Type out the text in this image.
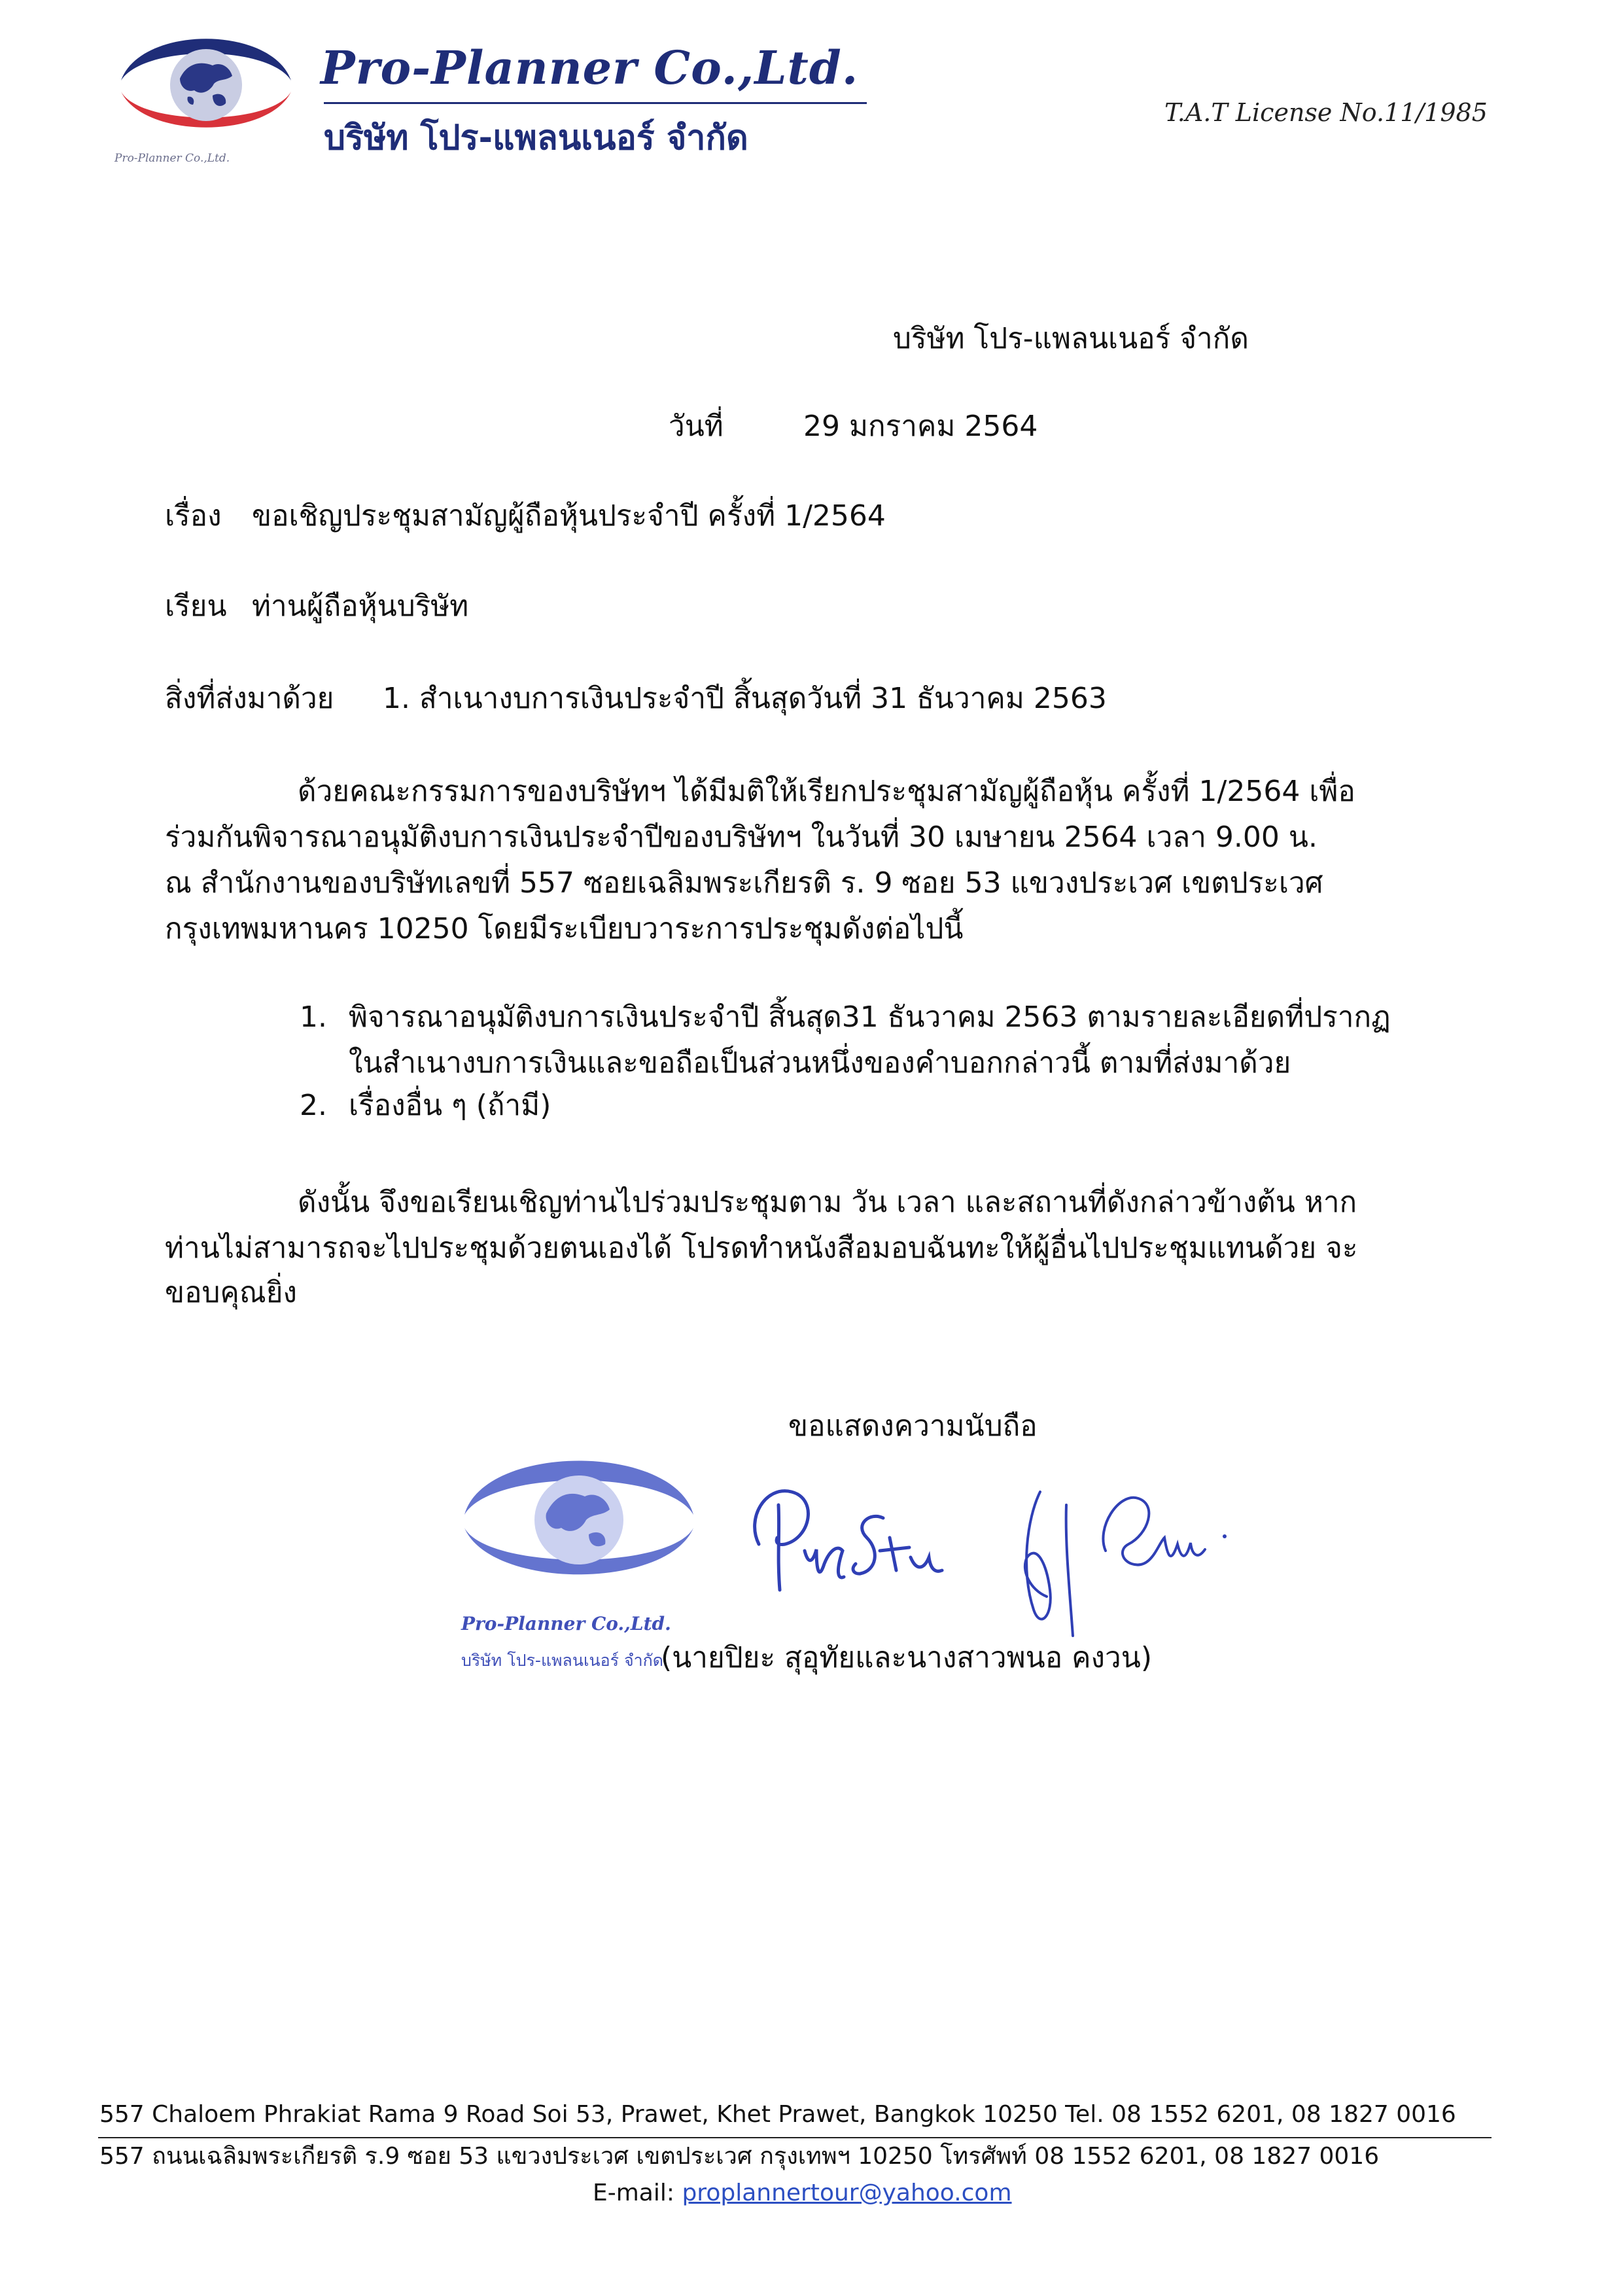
Pro-Planner Co.,Ltd.
Pro-Planner Co.,Ltd.
บริษัท โปร-แพลนเนอร์ จำกัด
T.A.T License No.11/1985
บริษัท โปร-แพลนเนอร์ จำกัด
วันที่	29 มกราคม 2564
เรื่อง ขอเชิญประชุมสามัญผู้ถือหุ้นประจำปี ครั้งที่ 1/2564
เรียน ท่านผู้ถือหุ้นบริษัท
สิ่งที่ส่งมาด้วย 1. สำเนางบการเงินประจำปี สิ้นสุดวันที่ 31 ธันวาคม 2563
ด้วยคณะกรรมการของบริษัทฯ ได้มีมติให้เรียกประชุมสามัญผู้ถือหุ้น ครั้งที่ 1/2564 เพื่อ
ร่วมกันพิจารณาอนุมัติงบการเงินประจำปีของบริษัทฯ ในวันที่ 30 เมษายน 2564 เวลา 9.00 น.
ณ สำนักงานของบริษัทเลขที่ 557 ซอยเฉลิมพระเกียรติ ร. 9 ซอย 53 แขวงประเวศ เขตประเวศ
กรุงเทพมหานคร 10250 โดยมีระเบียบวาระการประชุมดังต่อไปนี้
1. พิจารณาอนุมัติงบการเงินประจำปี สิ้นสุด31 ธันวาคม 2563 ตามรายละเอียดที่ปรากฏ
ในสำเนางบการเงินและขอถือเป็นส่วนหนึ่งของคำบอกกล่าวนี้ ตามที่ส่งมาด้วย
2. เรื่องอื่น ๆ (ถ้ามี)
ดังนั้น จึงขอเรียนเชิญท่านไปร่วมประชุมตาม วัน เวลา และสถานที่ดังกล่าวข้างต้น หาก
ท่านไม่สามารถจะไปประชุมด้วยตนเองได้ โปรดทำหนังสือมอบฉันทะให้ผู้อื่นไปประชุมแทนด้วย จะ
ขอบคุณยิ่ง
ขอแสดงความนับถือ
Pro-Planner Co.,Ltd.
บริษัท โปร-แพลนเนอร์ จำกัด
(นายปิยะ สุอุทัยและนางสาวพนอ คงวน)
557 Chaloem Phrakiat Rama 9 Road Soi 53, Prawet, Khet Prawet, Bangkok 10250 Tel. 08 1552 6201, 08 1827 0016
557 ถนนเฉลิมพระเกียรติ ร.9 ซอย 53 แขวงประเวศ เขตประเวศ กรุงเทพฯ 10250 โทรศัพท์ 08 1552 6201, 08 1827 0016
E-mail: proplannertour@yahoo.com
